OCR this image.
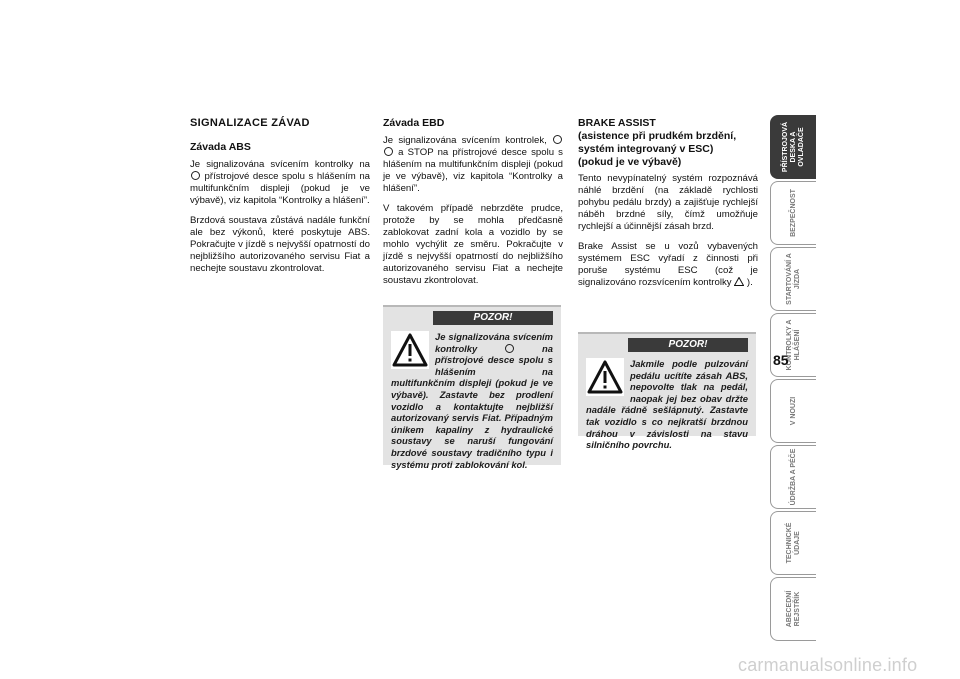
SIGNALIZACE ZÁVAD
Závada ABS

Je signalizována svícením kontrolky na  přístrojové desce spolu s hlášením na multifunkčním displeji (pokud je ve výbavě), viz kapitola “Kontrolky a hlášení”.

Brzdová soustava zůstává nadále funkční ale bez výkonů, které poskytuje ABS. Pokračujte v jízdě s nejvyšší opatrností do nejbližšího autorizovaného servisu Fiat a nechejte soustavu zkontrolovat.

Závada EBD

Je signalizována svícením kontrolek,   a STOP na přístrojové desce spolu s hlášením na multifunkčním displeji (pokud je ve výbavě), viz kapitola “Kontrolky a hlášení”.

V takovém případě nebrzděte prudce, protože by se mohla předčasně zablokovat zadní kola a vozidlo by se mohlo vychýlit ze směru. Pokračujte v jízdě s nejvyšší opatrností do nejbližšího autorizovaného servisu Fiat a nechejte soustavu zkontrolovat.

POZOR!

Je signalizována svícením kontrolky	na přístrojové desce spolu s hlášením na multifunkčním displeji (pokud je ve výbavě). Zastavte bez prodlení vozidlo a kontaktujte nejbližší autorizovaný servis Fiat. Případným únikem kapaliny z hydraulické soustavy se naruší fungování brzdové soustavy tradičního typu i systému proti zablokování kol.

BRAKE ASSIST
(asistence při prudkém brzdění, systém integrovaný v ESC)
(pokud je ve výbavě)

Tento nevypínatelný systém rozpoznává náhlé brzdění (na základě rychlosti pohybu pedálu brzdy) a zajišťuje rychlejší náběh brzdné síly, čímž umožňuje rychlejší a účinnější zásah brzd.

Brake Assist se u vozů vybavených systémem ESC vyřadí z činnosti při poruše systému ESC (což je signalizováno rozsvícením kontrolky ).

POZOR!

Jakmile podle pulzování pedálu ucítíte zásah ABS, nepovolte tlak na pedál, naopak jej bez obav držte nadále řádně sešlápnutý. Zastavte tak vozidlo s co nejkratší brzdnou dráhou v závislosti na stavu silničního povrchu.

PŘÍSTROJOVÁ DESKA A OVLADAČE
BEZPEČNOST
STARTOVÁNÍ A JÍZDA
KONTROLKY A HLÁŠENÍ
V NOUZI
ÚDRŽBA A PÉČE
TECHNICKÉ ÚDAJE
ABECEDNÍ REJSTŘÍK
85
carmanualsonline.info
